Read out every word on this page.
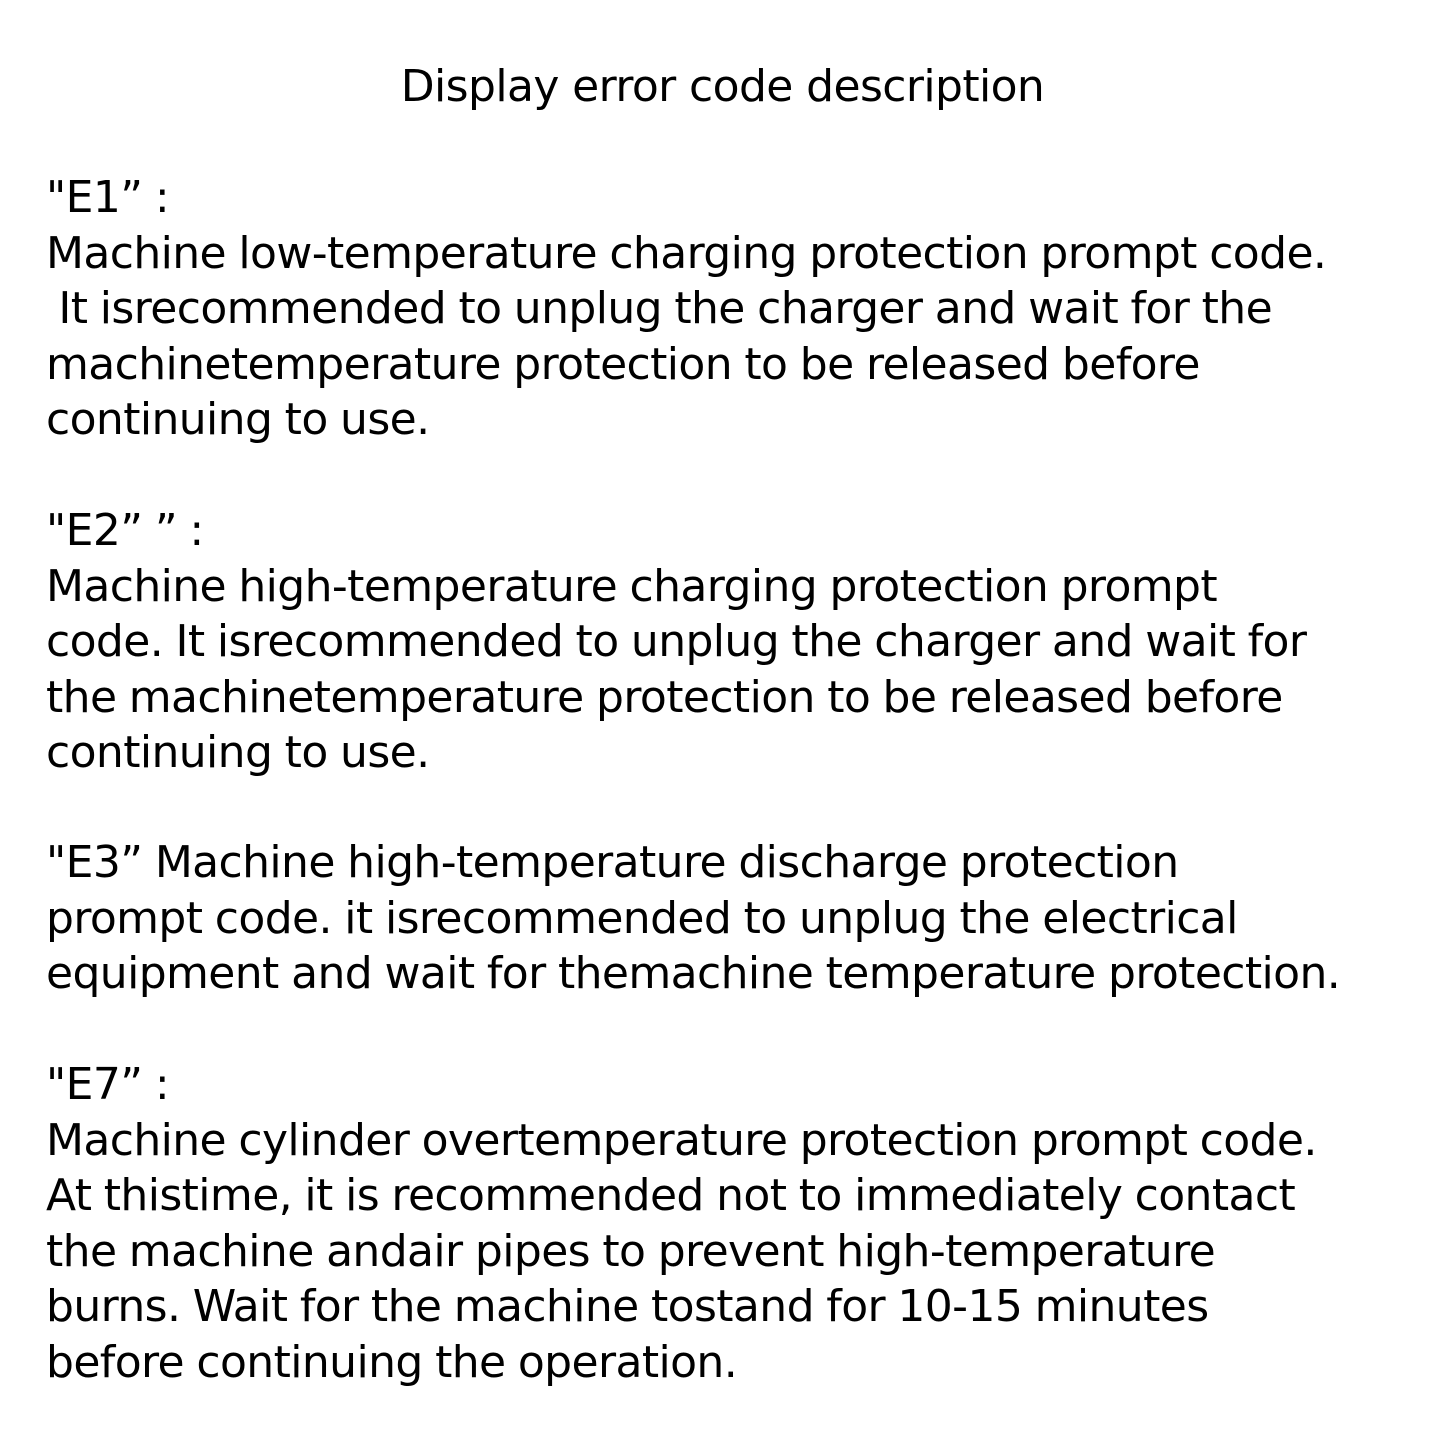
Display error code description
"E1” :
Machine low-temperature charging protection prompt code.
It isrecommended to unplug the charger and wait for the
machinetemperature protection to be released before
continuing to use.
"E2” ” :
Machine high-temperature charging protection prompt
code. It isrecommended to unplug the charger and wait for
the machinetemperature protection to be released before
continuing to use.
"E3” Machine high-temperature discharge protection
prompt code. it isrecommended to unplug the electrical
equipment and wait for themachine temperature protection.
"E7” :
Machine cylinder overtemperature protection prompt code.
At thistime, it is recommended not to immediately contact
the machine andair pipes to prevent high-temperature
burns. Wait for the machine tostand for 10-15 minutes
before continuing the operation.
